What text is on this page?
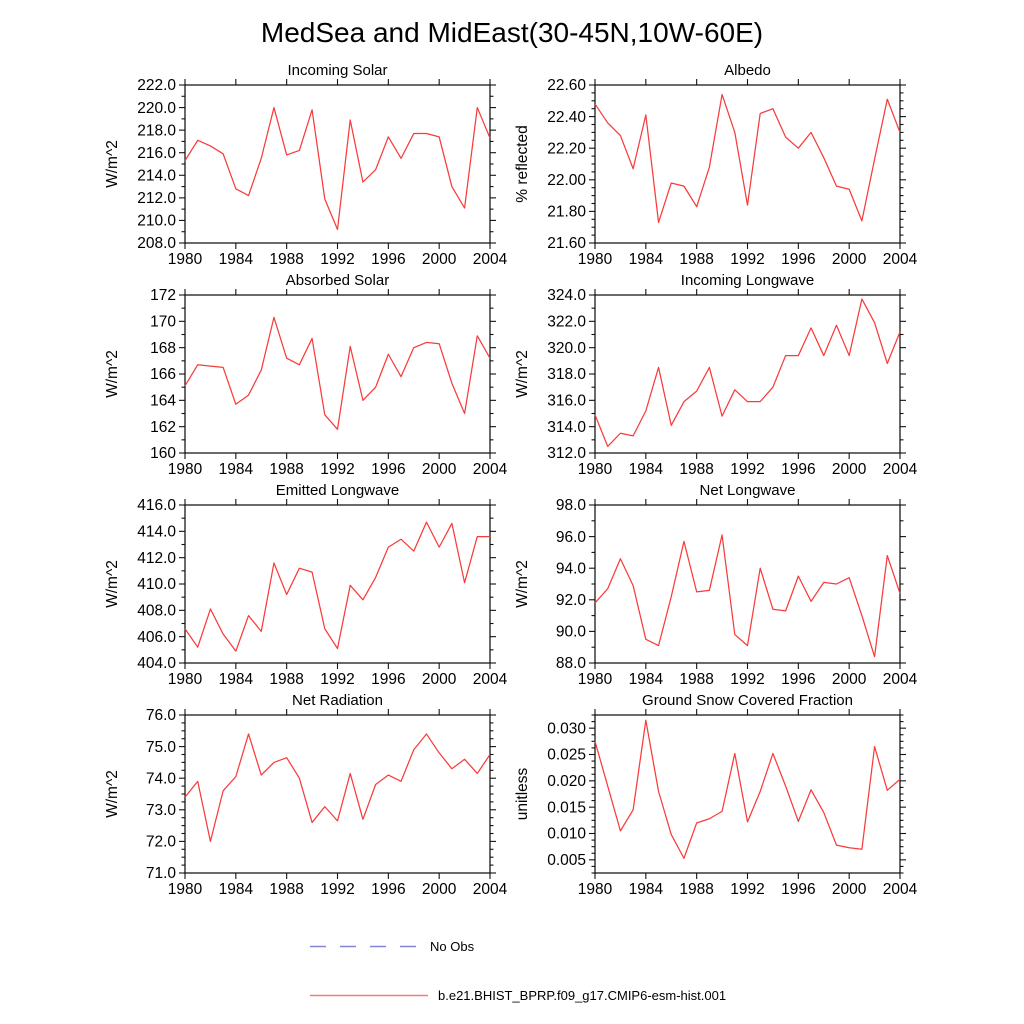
MedSea and MidEast(30-45N,10W-60E)
1980 1984 1988 1992 1996 2000 2004
208.0
210.0
212.0
214.0
216.0
218.0
220.0
222.0
Incoming Solar
W/m^2
1980 1984 1988 1992 1996 2000 2004
21.60
21.80
22.00
22.20
22.40
22.60
Albedo
% reflected
1980 1984 1988 1992 1996 2000 2004
160
162
164
166
168
170
172
Absorbed Solar
W/m^2
1980 1984 1988 1992 1996 2000 2004
312.0
314.0
316.0
318.0
320.0
322.0
324.0
Incoming Longwave
W/m^2
1980 1984 1988 1992 1996 2000 2004
404.0
406.0
408.0
410.0
412.0
414.0
416.0
Emitted Longwave
W/m^2
1980 1984 1988 1992 1996 2000 2004
88.0
90.0
92.0
94.0
96.0
98.0
Net Longwave
W/m^2
1980 1984 1988 1992 1996 2000 2004
71.0
72.0
73.0
74.0
75.0
76.0
Net Radiation
W/m^2
1980 1984 1988 1992 1996 2000 2004
0.005
0.010
0.015
0.020
0.025
0.030
Ground Snow Covered Fraction
unitless
No Obs
b.e21.BHIST_BPRP.f09_g17.CMIP6-esm-hist.001
